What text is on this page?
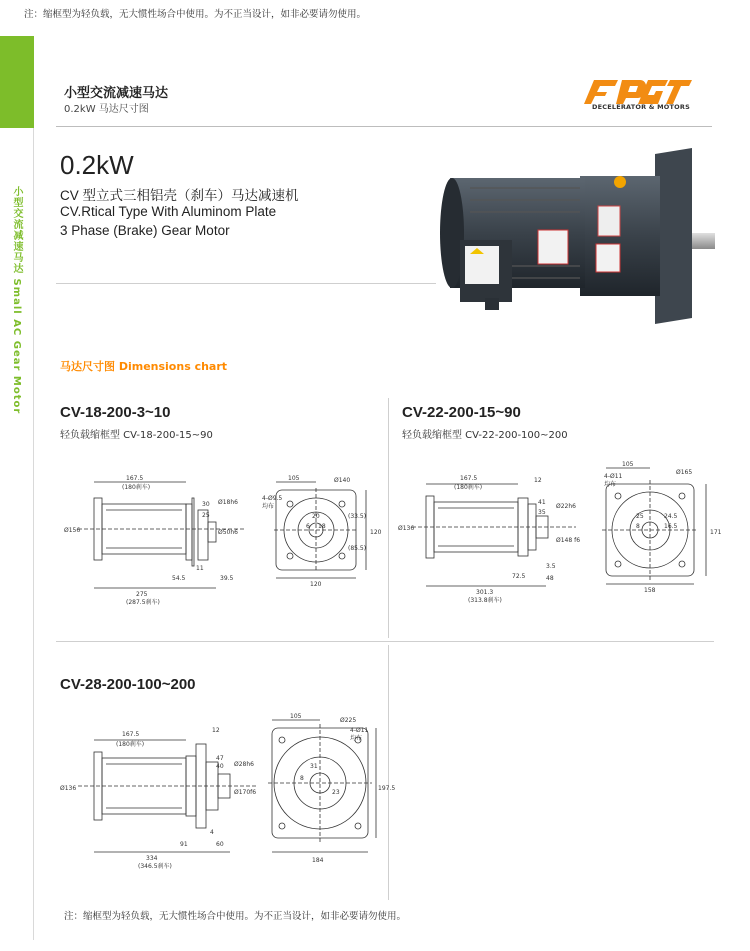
注：缩框型为轻负载，无大惯性场合中使用。为不正当设计，如非必要请勿使用。
小型交流减速马达 Small AC Gear Motor
小型交流减速马达
0.2kW 马达尺寸图	DECELERATOR & MOTORS
0.2kW
CV 型立式三相铝壳（刹车）马达减速机
CV.Rtical Type With Aluminom Plate
3 Phase (Brake) Gear Motor
马达尺寸图 Dimensions chart
CV-18-200-3~10
轻负载缩框型 CV-18-200-15~90
167.5
(180刹车)
Ø156
30
25
Ø18h6
Ø50h6
11
54.5	39.5
275
(287.5刹车)
105
4-Ø9.5
均布
Ø140
(33.5)
(85.5)
20
6 18
120
120
CV-22-200-15~90
轻负载缩框型 CV-22-200-100~200
167.5
(180刹车)
12
41
35
Ø136
Ø22h6
Ø148 f6
72.5
3.5
48
301.3
(313.8刹车)
105
Ø165
4-Ø11
均布
24.5
16.5
25
8
171
158
CV-28-200-100~200
167.5
(180刹车)
12
47
40
Ø136
Ø28h6
Ø170f6
4
91	60
334
(346.5刹车)
105
Ø225
4-Ø11
均布
31
8
23
197.5
184
注：缩框型为轻负载，无大惯性场合中使用。为不正当设计，如非必要请勿使用。
